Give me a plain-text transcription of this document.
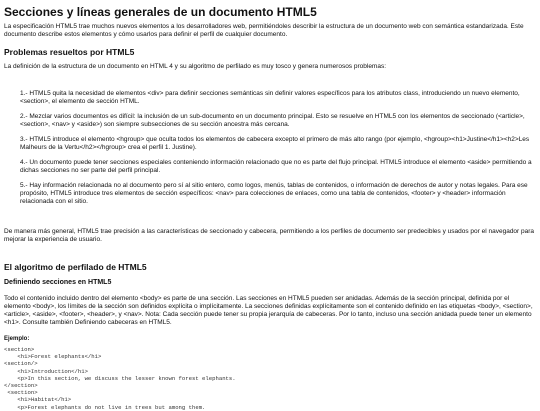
Secciones y líneas generales de un documento HTML5

La especificación HTML5 trae muchos nuevos elementos a los desarrolladores web, permitiéndoles describir la estructura de un documento web con semántica estandarizada. Este documento describe estos elementos y cómo usarlos para definir el perfil de cualquier documento.

Problemas resueltos por HTML5

La definición de la estructura de un documento en HTML 4 y su algoritmo de perfilado es muy tosco y genera numerosos problemas:

1.- HTML5 quita la necesidad de elementos <div> para definir secciones semánticas sin definir valores específicos para los atributos class, introduciendo un nuevo elemento, <section>, el elemento de sección HTML.
2.- Mezclar varios documentos es difícil: la inclusión de un sub-documento en un documento principal. Esto se resuelve en HTML5 con los elementos de seccionado (<article>, <section>, <nav> y <aside>) son siempre subsecciones de su sección ancestra más cercana.
3.- HTML5 introduce el elemento <hgroup> que oculta todos los elementos de cabecera excepto el primero de más alto rango (por ejemplo, <hgroup><h1>Justine</h1><h2>Les Malheurs de la Vertu</h2></hgroup> crea el perfil 1. Justine).
4.- Un documento puede tener secciones especiales conteniendo información relacionado que no es parte del flujo principal. HTML5 introduce el elemento <aside> permitiendo a dichas secciones no ser parte del perfil principal.
5.- Hay información relacionada no al documento pero sí al sitio entero, como logos, menús, tablas de contenidos, o información de derechos de autor y notas legales. Para ese propósito, HTML5 introduce tres elementos de sección específicos: <nav> para colecciones de enlaces, como una tabla de contenidos, <footer> y <header> información relacionada con el sitio.

De manera más general, HTML5 trae precisión a las características de seccionado y cabecera, permitiendo a los perfiles de documento ser predecibles y usados por el navegador para mejorar la experiencia de usuario.

El algoritmo de perfilado de HTML5
Definiendo secciones en HTML5

Todo el contenido incluido dentro del elemento <body> es parte de una sección. Las secciones en HTML5 pueden ser anidadas. Además de la sección principal, definida por el elemento <body>, los límites de la sección son definidos explícita o implícitamente. La secciones definidas explícitamente son el contenido definido en las etiquetas <body>, <section>, <article>, <aside>, <footer>, <header>, y <nav>. Nota: Cada sección puede tener su propia jerarquía de cabeceras. Por lo tanto, incluso una sección anidada puede tener un elemento <h1>. Consulte también Definiendo cabeceras en HTML5.

Ejemplo:
<section>
<h1>Forest elephants</h1>
<section/>
<h1>Introduction</h1>
<p>In this section, we discuss the lesser known forest elephants.
</section>
<section>
<h1>Habitat</h1>
<p>Forest elephants do not live in trees but among them.
